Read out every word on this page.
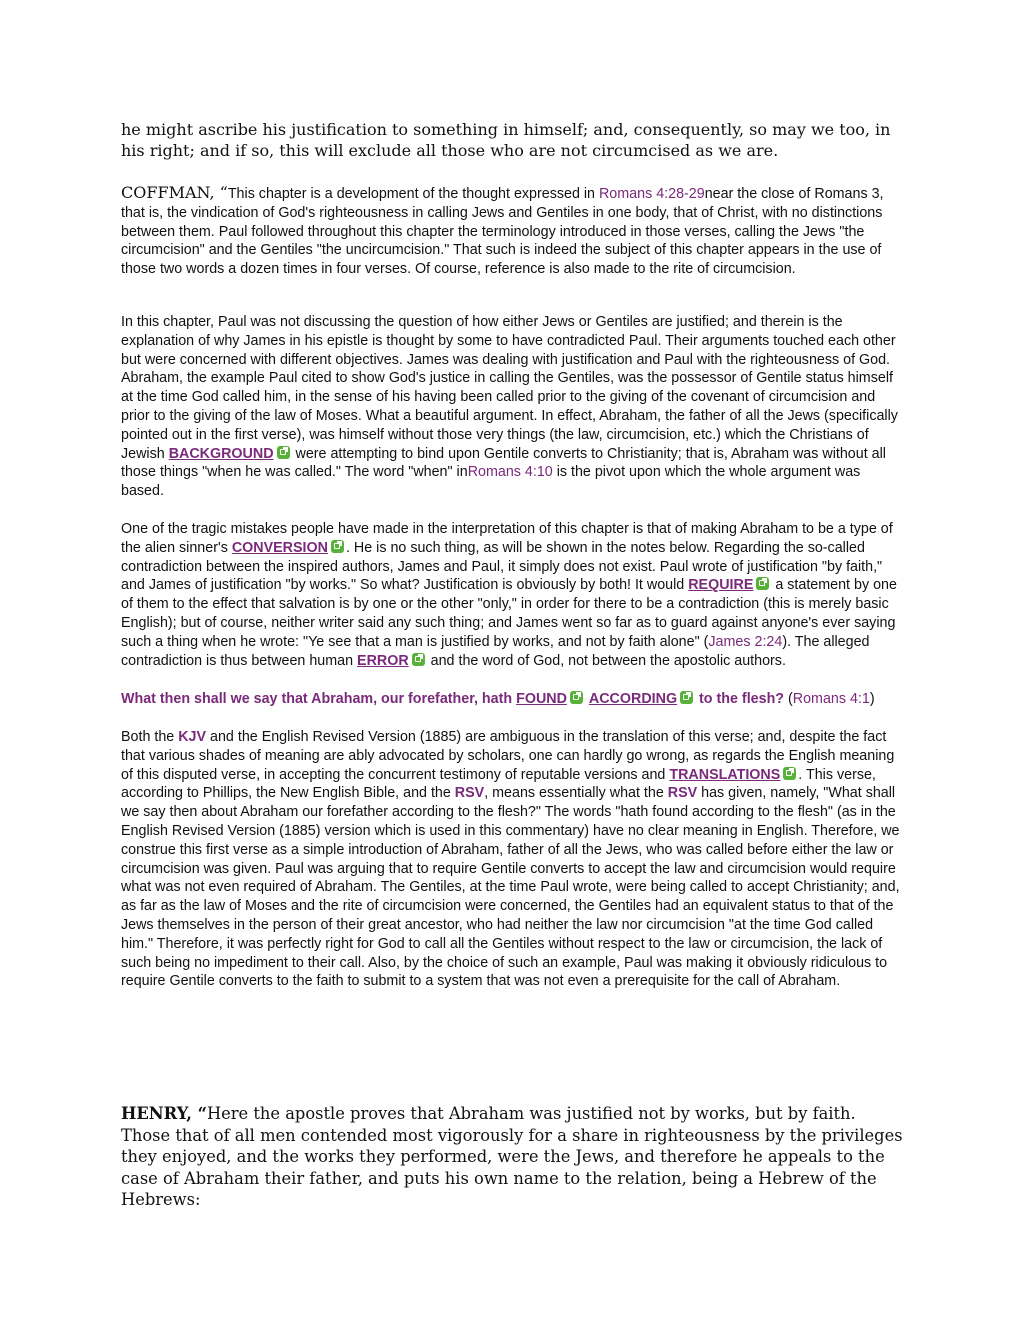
he might ascribe his justification to something in himself; and, consequently, so may we too, in his right; and if so, this will exclude all those who are not circumcised as we are.

COFFMAN, “This chapter is a development of the thought expressed in Romans 4:28-29near the close of Romans 3, that is, the vindication of God's righteousness in calling Jews and Gentiles in one body, that of Christ, with no distinctions between them. Paul followed throughout this chapter the terminology introduced in those verses, calling the Jews "the circumcision" and the Gentiles "the uncircumcision." That such is indeed the subject of this chapter appears in the use of those two words a dozen times in four verses. Of course, reference is also made to the rite of circumcision.

In this chapter, Paul was not discussing the question of how either Jews or Gentiles are justified; and therein is the explanation of why James in his epistle is thought by some to have contradicted Paul. Their arguments touched each other but were concerned with different objectives. James was dealing with justification and Paul with the righteousness of God. Abraham, the example Paul cited to show God's justice in calling the Gentiles, was the possessor of Gentile status himself at the time God called him, in the sense of his having been called prior to the giving of the covenant of circumcision and prior to the giving of the law of Moses. What a beautiful argument. In effect, Abraham, the father of all the Jews (specifically pointed out in the first verse), was himself without those very things (the law, circumcision, etc.) which the Christians of Jewish BACKGROUND were attempting to bind upon Gentile converts to Christianity; that is, Abraham was without all those things "when he was called." The word "when" inRomans 4:10 is the pivot upon which the whole argument was based.

One of the tragic mistakes people have made in the interpretation of this chapter is that of making Abraham to be a type of the alien sinner's CONVERSION . He is no such thing, as will be shown in the notes below. Regarding the so-called contradiction between the inspired authors, James and Paul, it simply does not exist. Paul wrote of justification "by faith," and James of justification "by works." So what? Justification is obviously by both! It would REQUIRE a statement by one of them to the effect that salvation is by one or the other "only," in order for there to be a contradiction (this is merely basic English); but of course, neither writer said any such thing; and James went so far as to guard against anyone's ever saying such a thing when he wrote: "Ye see that a man is justified by works, and not by faith alone" (James 2:24). The alleged contradiction is thus between human ERROR and the word of God, not between the apostolic authors.

What then shall we say that Abraham, our forefather, hath FOUND ACCORDING to the flesh? (Romans 4:1)

Both the KJV and the English Revised Version (1885) are ambiguous in the translation of this verse; and, despite the fact that various shades of meaning are ably advocated by scholars, one can hardly go wrong, as regards the English meaning of this disputed verse, in accepting the concurrent testimony of reputable versions and TRANSLATIONS . This verse, according to Phillips, the New English Bible, and the RSV, means essentially what the RSV has given, namely, "What shall we say then about Abraham our forefather according to the flesh?" The words "hath found according to the flesh" (as in the English Revised Version (1885) version which is used in this commentary) have no clear meaning in English. Therefore, we construe this first verse as a simple introduction of Abraham, father of all the Jews, who was called before either the law or circumcision was given. Paul was arguing that to require Gentile converts to accept the law and circumcision would require what was not even required of Abraham. The Gentiles, at the time Paul wrote, were being called to accept Christianity; and, as far as the law of Moses and the rite of circumcision were concerned, the Gentiles had an equivalent status to that of the Jews themselves in the person of their great ancestor, who had neither the law nor circumcision "at the time God called him." Therefore, it was perfectly right for God to call all the Gentiles without respect to the law or circumcision, the lack of such being no impediment to their call. Also, by the choice of such an example, Paul was making it obviously ridiculous to require Gentile converts to the faith to submit to a system that was not even a prerequisite for the call of Abraham.

HENRY, “Here the apostle proves that Abraham was justified not by works, but by faith. Those that of all men contended most vigorously for a share in righteousness by the privileges they enjoyed, and the works they performed, were the Jews, and therefore he appeals to the case of Abraham their father, and puts his own name to the relation, being a Hebrew of the Hebrews:
